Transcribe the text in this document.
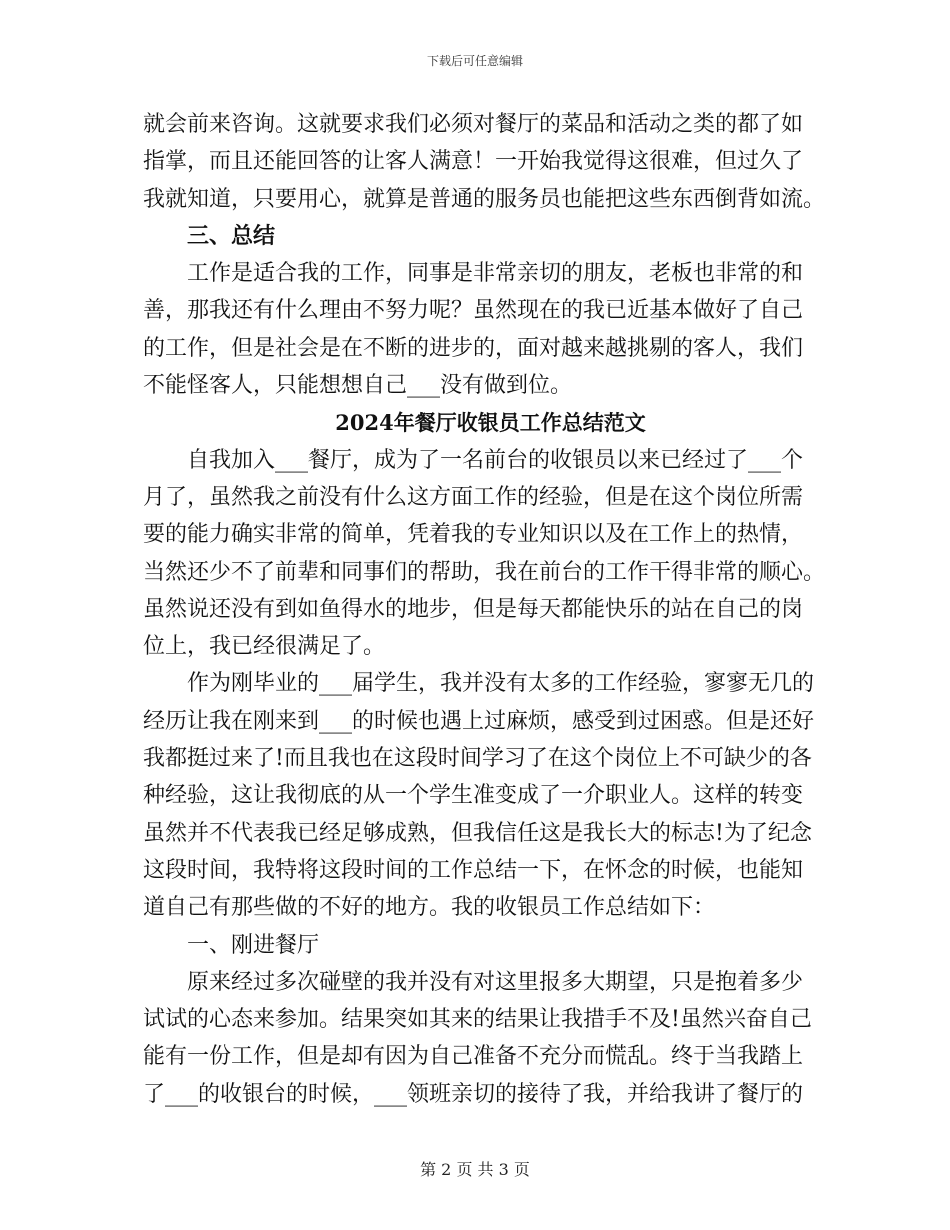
下载后可任意编辑
就会前来咨询。这就要求我们必须对餐厅的菜品和活动之类的都了如
指掌，而且还能回答的让客人满意！一开始我觉得这很难，但过久了
我就知道，只要用心，就算是普通的服务员也能把这些东西倒背如流。
三、总结
工作是适合我的工作，同事是非常亲切的朋友，老板也非常的和
善，那我还有什么理由不努力呢？虽然现在的我已近基本做好了自己
的工作，但是社会是在不断的进步的，面对越来越挑剔的客人，我们
不能怪客人，只能想想自己___没有做到位。
2024年餐厅收银员工作总结范文
自我加入___餐厅，成为了一名前台的收银员以来已经过了___个
月了，虽然我之前没有什么这方面工作的经验，但是在这个岗位所需
要的能力确实非常的简单，凭着我的专业知识以及在工作上的热情，
当然还少不了前辈和同事们的帮助，我在前台的工作干得非常的顺心。
虽然说还没有到如鱼得水的地步，但是每天都能快乐的站在自己的岗
位上，我已经很满足了。
作为刚毕业的___届学生，我并没有太多的工作经验，寥寥无几的
经历让我在刚来到___的时候也遇上过麻烦，感受到过困惑。但是还好
我都挺过来了!而且我也在这段时间学习了在这个岗位上不可缺少的各
种经验，这让我彻底的从一个学生准变成了一介职业人。这样的转变
虽然并不代表我已经足够成熟，但我信任这是我长大的标志!为了纪念
这段时间，我特将这段时间的工作总结一下，在怀念的时候，也能知
道自己有那些做的不好的地方。我的收银员工作总结如下：
一、刚进餐厅
原来经过多次碰壁的我并没有对这里报多大期望，只是抱着多少
试试的心态来参加。结果突如其来的结果让我措手不及!虽然兴奋自己
能有一份工作，但是却有因为自己准备不充分而慌乱。终于当我踏上
了___的收银台的时候，___领班亲切的接待了我，并给我讲了餐厅的
第 2 页 共 3 页
